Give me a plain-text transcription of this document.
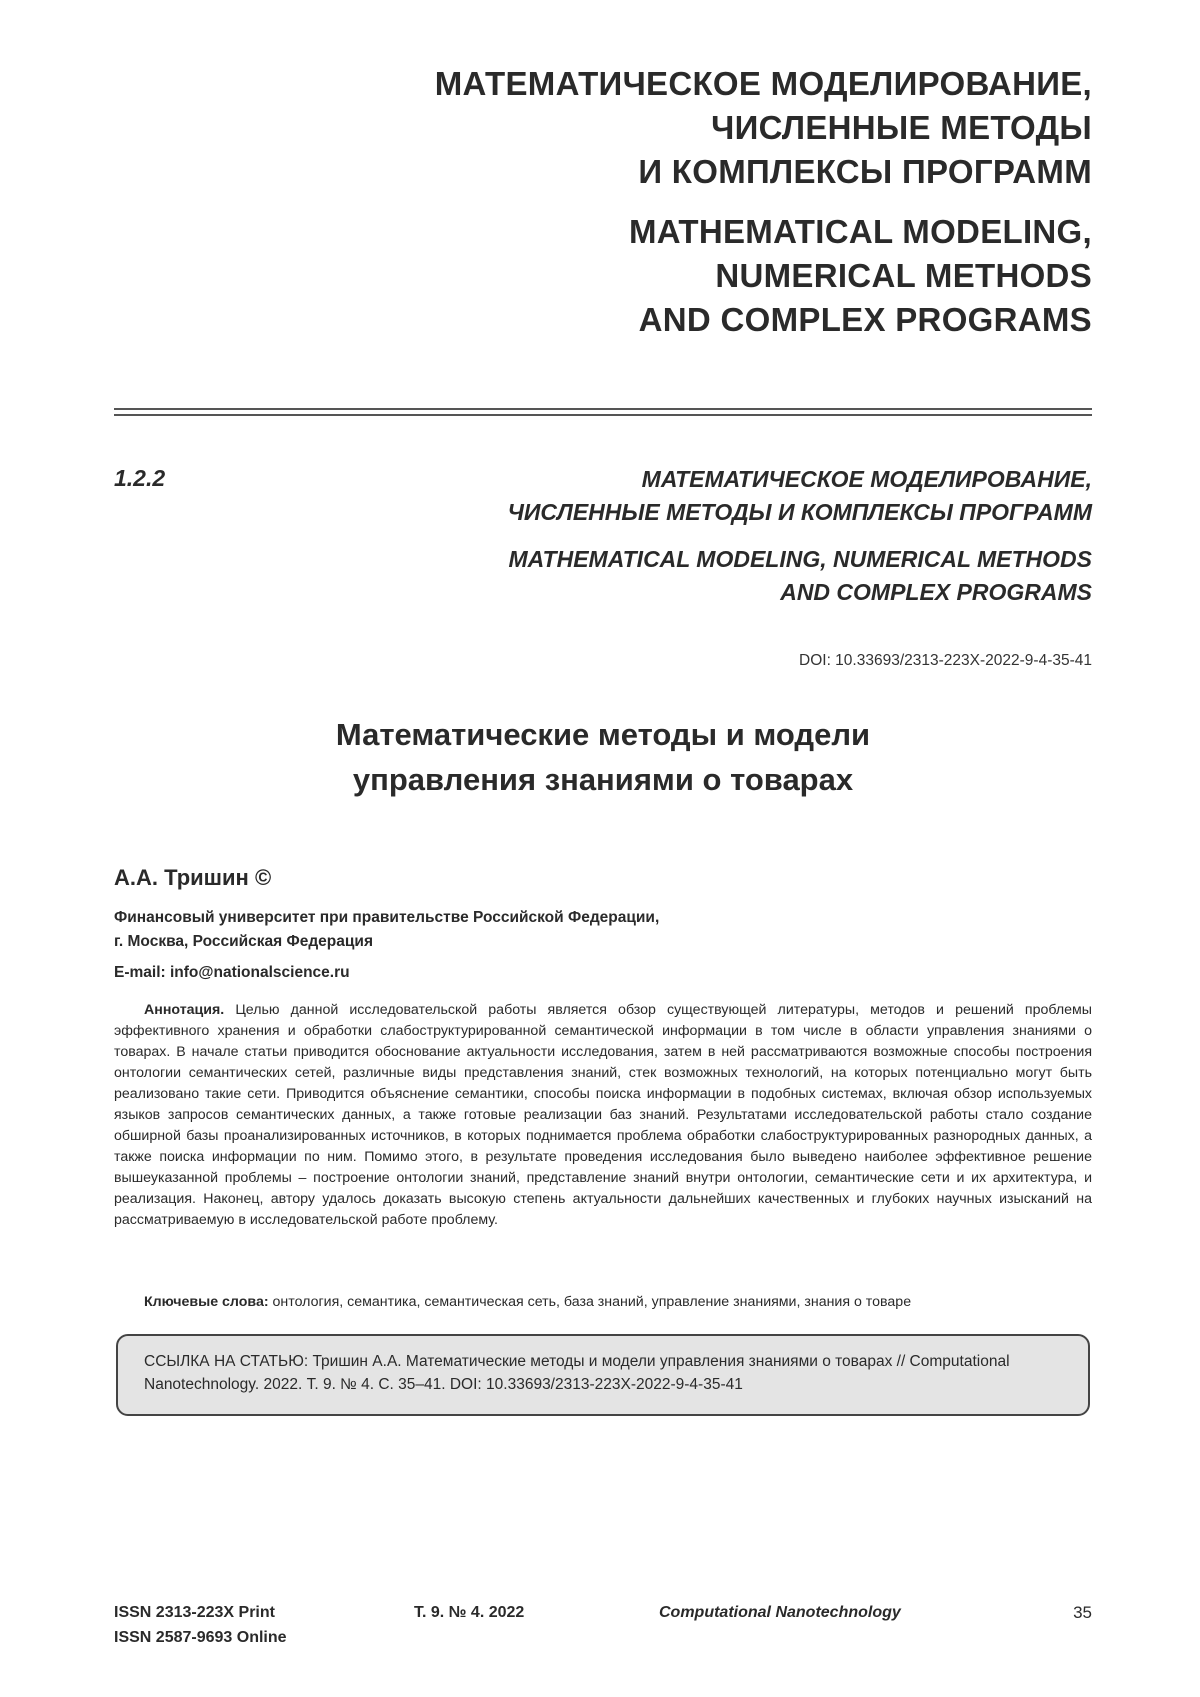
МАТЕМАТИЧЕСКОЕ МОДЕЛИРОВАНИЕ,
ЧИСЛЕННЫЕ МЕТОДЫ
И КОМПЛЕКСЫ ПРОГРАММ
MATHEMATICAL MODELING,
NUMERICAL METHODS
AND COMPLEX PROGRAMS
1.2.2	МАТЕМАТИЧЕСКОЕ МОДЕЛИРОВАНИЕ,
ЧИСЛЕННЫЕ МЕТОДЫ И КОМПЛЕКСЫ ПРОГРАММ
MATHEMATICAL MODELING, NUMERICAL METHODS
AND COMPLEX PROGRAMS
DOI: 10.33693/2313-223X-2022-9-4-35-41
Математические методы и модели
управления знаниями о товарах
А.А. Тришин ©
Финансовый университет при правительстве Российской Федерации,
г. Москва, Российская Федерация
E-mail: info@nationalscience.ru

Аннотация. Целью данной исследовательской работы является обзор существующей литературы, методов и решений проблемы эффективного хранения и обработки слабоструктурированной семантической информации в том числе в области управления знаниями о товарах. В начале статьи приводится обоснование актуальности исследования, затем в ней рассматриваются возможные способы построения онтологии семантических сетей, различные виды представления знаний, стек возможных технологий, на которых потенциально могут быть реализовано такие сети. Приводится объяснение семантики, способы поиска информации в подобных системах, включая обзор используемых языков запросов семантических данных, а также готовые реализации баз знаний. Результатами исследовательской работы стало создание обширной базы проанализированных источников, в которых поднимается проблема обработки слабоструктурированных разнородных данных, а также поиска информации по ним. Помимо этого, в результате проведения исследования было выведено наиболее эффективное решение вышеуказанной проблемы – построение онтологии знаний, представление знаний внутри онтологии, семантические сети и их архитектура, и реализация. Наконец, автору удалось доказать высокую степень актуальности дальнейших качественных и глубоких научных изысканий на рассматриваемую в исследовательской работе проблему.

Ключевые слова: онтология, семантика, семантическая сеть, база знаний, управление знаниями, знания о товаре

ССЫЛКА НА СТАТЬЮ: Тришин А.А. Математические методы и модели управления знаниями о товарах // Computational Nanotechnology. 2022. Т. 9. № 4. С. 35–41. DOI: 10.33693/2313-223X-2022-9-4-35-41
ISSN 2313-223X Print
ISSN 2587-9693 Online
Т. 9. № 4. 2022	Computational Nanotechnology	35
